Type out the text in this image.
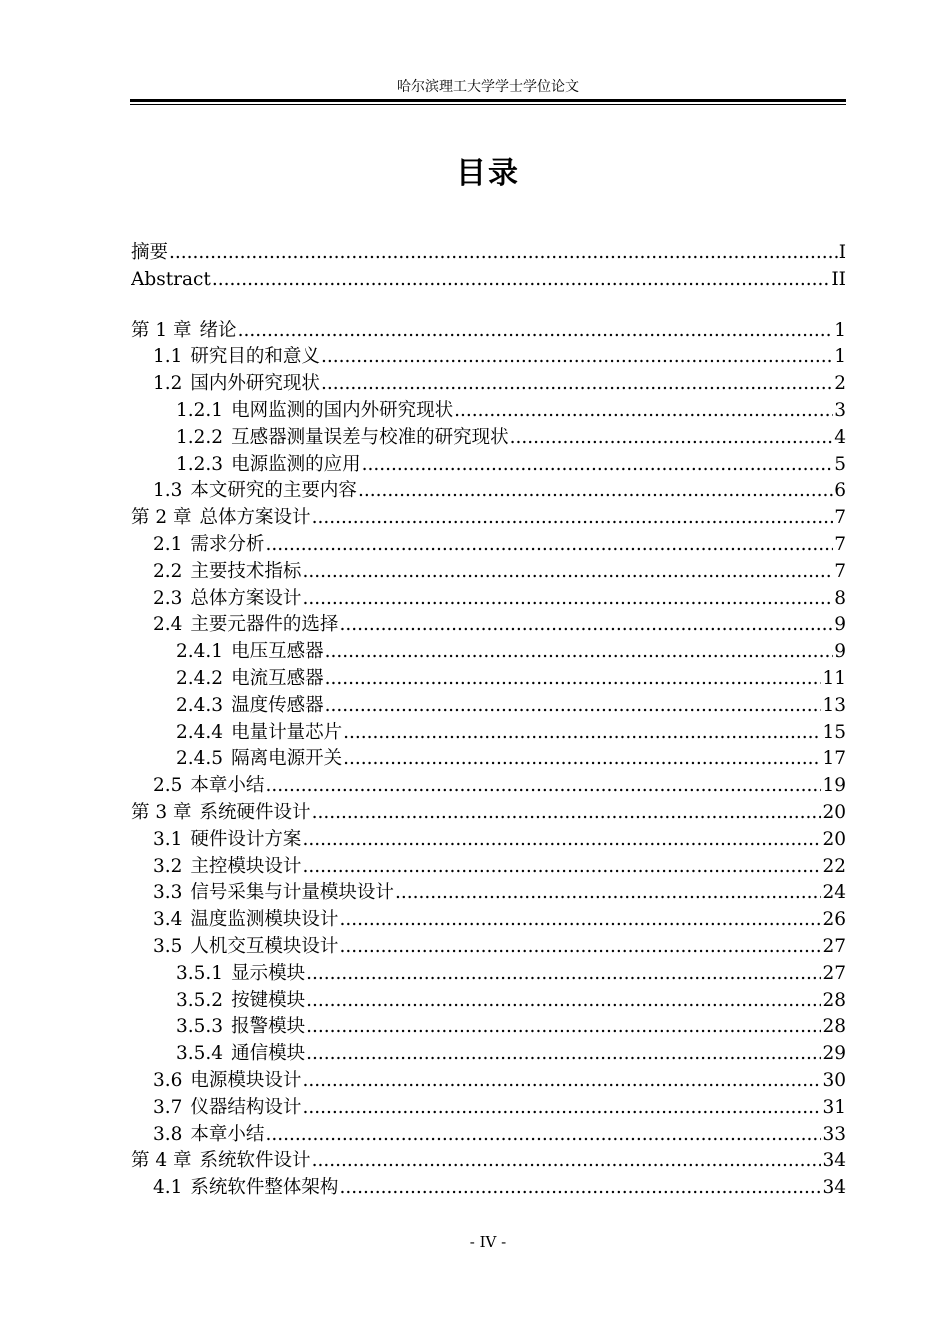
哈尔滨理工大学学士学位论文
目录
摘要 .....	I
Abstract .....	II
第 1 章 绪论 .....	1
1.1 研究目的和意义 .....	1
1.2 国内外研究现状 .....	2
1.2.1 电网监测的国内外研究现状 .....	3
1.2.2 互感器测量误差与校准的研究现状 .....	4
1.2.3 电源监测的应用 .....	5
1.3 本文研究的主要内容 .....	6
第 2 章 总体方案设计 .....	7
2.1 需求分析 .....	7
2.2 主要技术指标 .....	7
2.3 总体方案设计 .....	8
2.4 主要元器件的选择 .....	9
2.4.1 电压互感器 .....	9
2.4.2 电流互感器 .....	11
2.4.3 温度传感器 .....	13
2.4.4 电量计量芯片 .....	15
2.4.5 隔离电源开关 .....	17
2.5 本章小结 .....	19
第 3 章 系统硬件设计 .....	20
3.1 硬件设计方案 .....	20
3.2 主控模块设计 .....	22
3.3 信号采集与计量模块设计 .....	24
3.4 温度监测模块设计 .....	26
3.5 人机交互模块设计 .....	27
3.5.1 显示模块 .....	27
3.5.2 按键模块 .....	28
3.5.3 报警模块 .....	28
3.5.4 通信模块 .....	29
3.6 电源模块设计 .....	30
3.7 仪器结构设计 .....	31
3.8 本章小结 .....	33
第 4 章 系统软件设计 .....	34
4.1 系统软件整体架构 .....	34
- IV -
